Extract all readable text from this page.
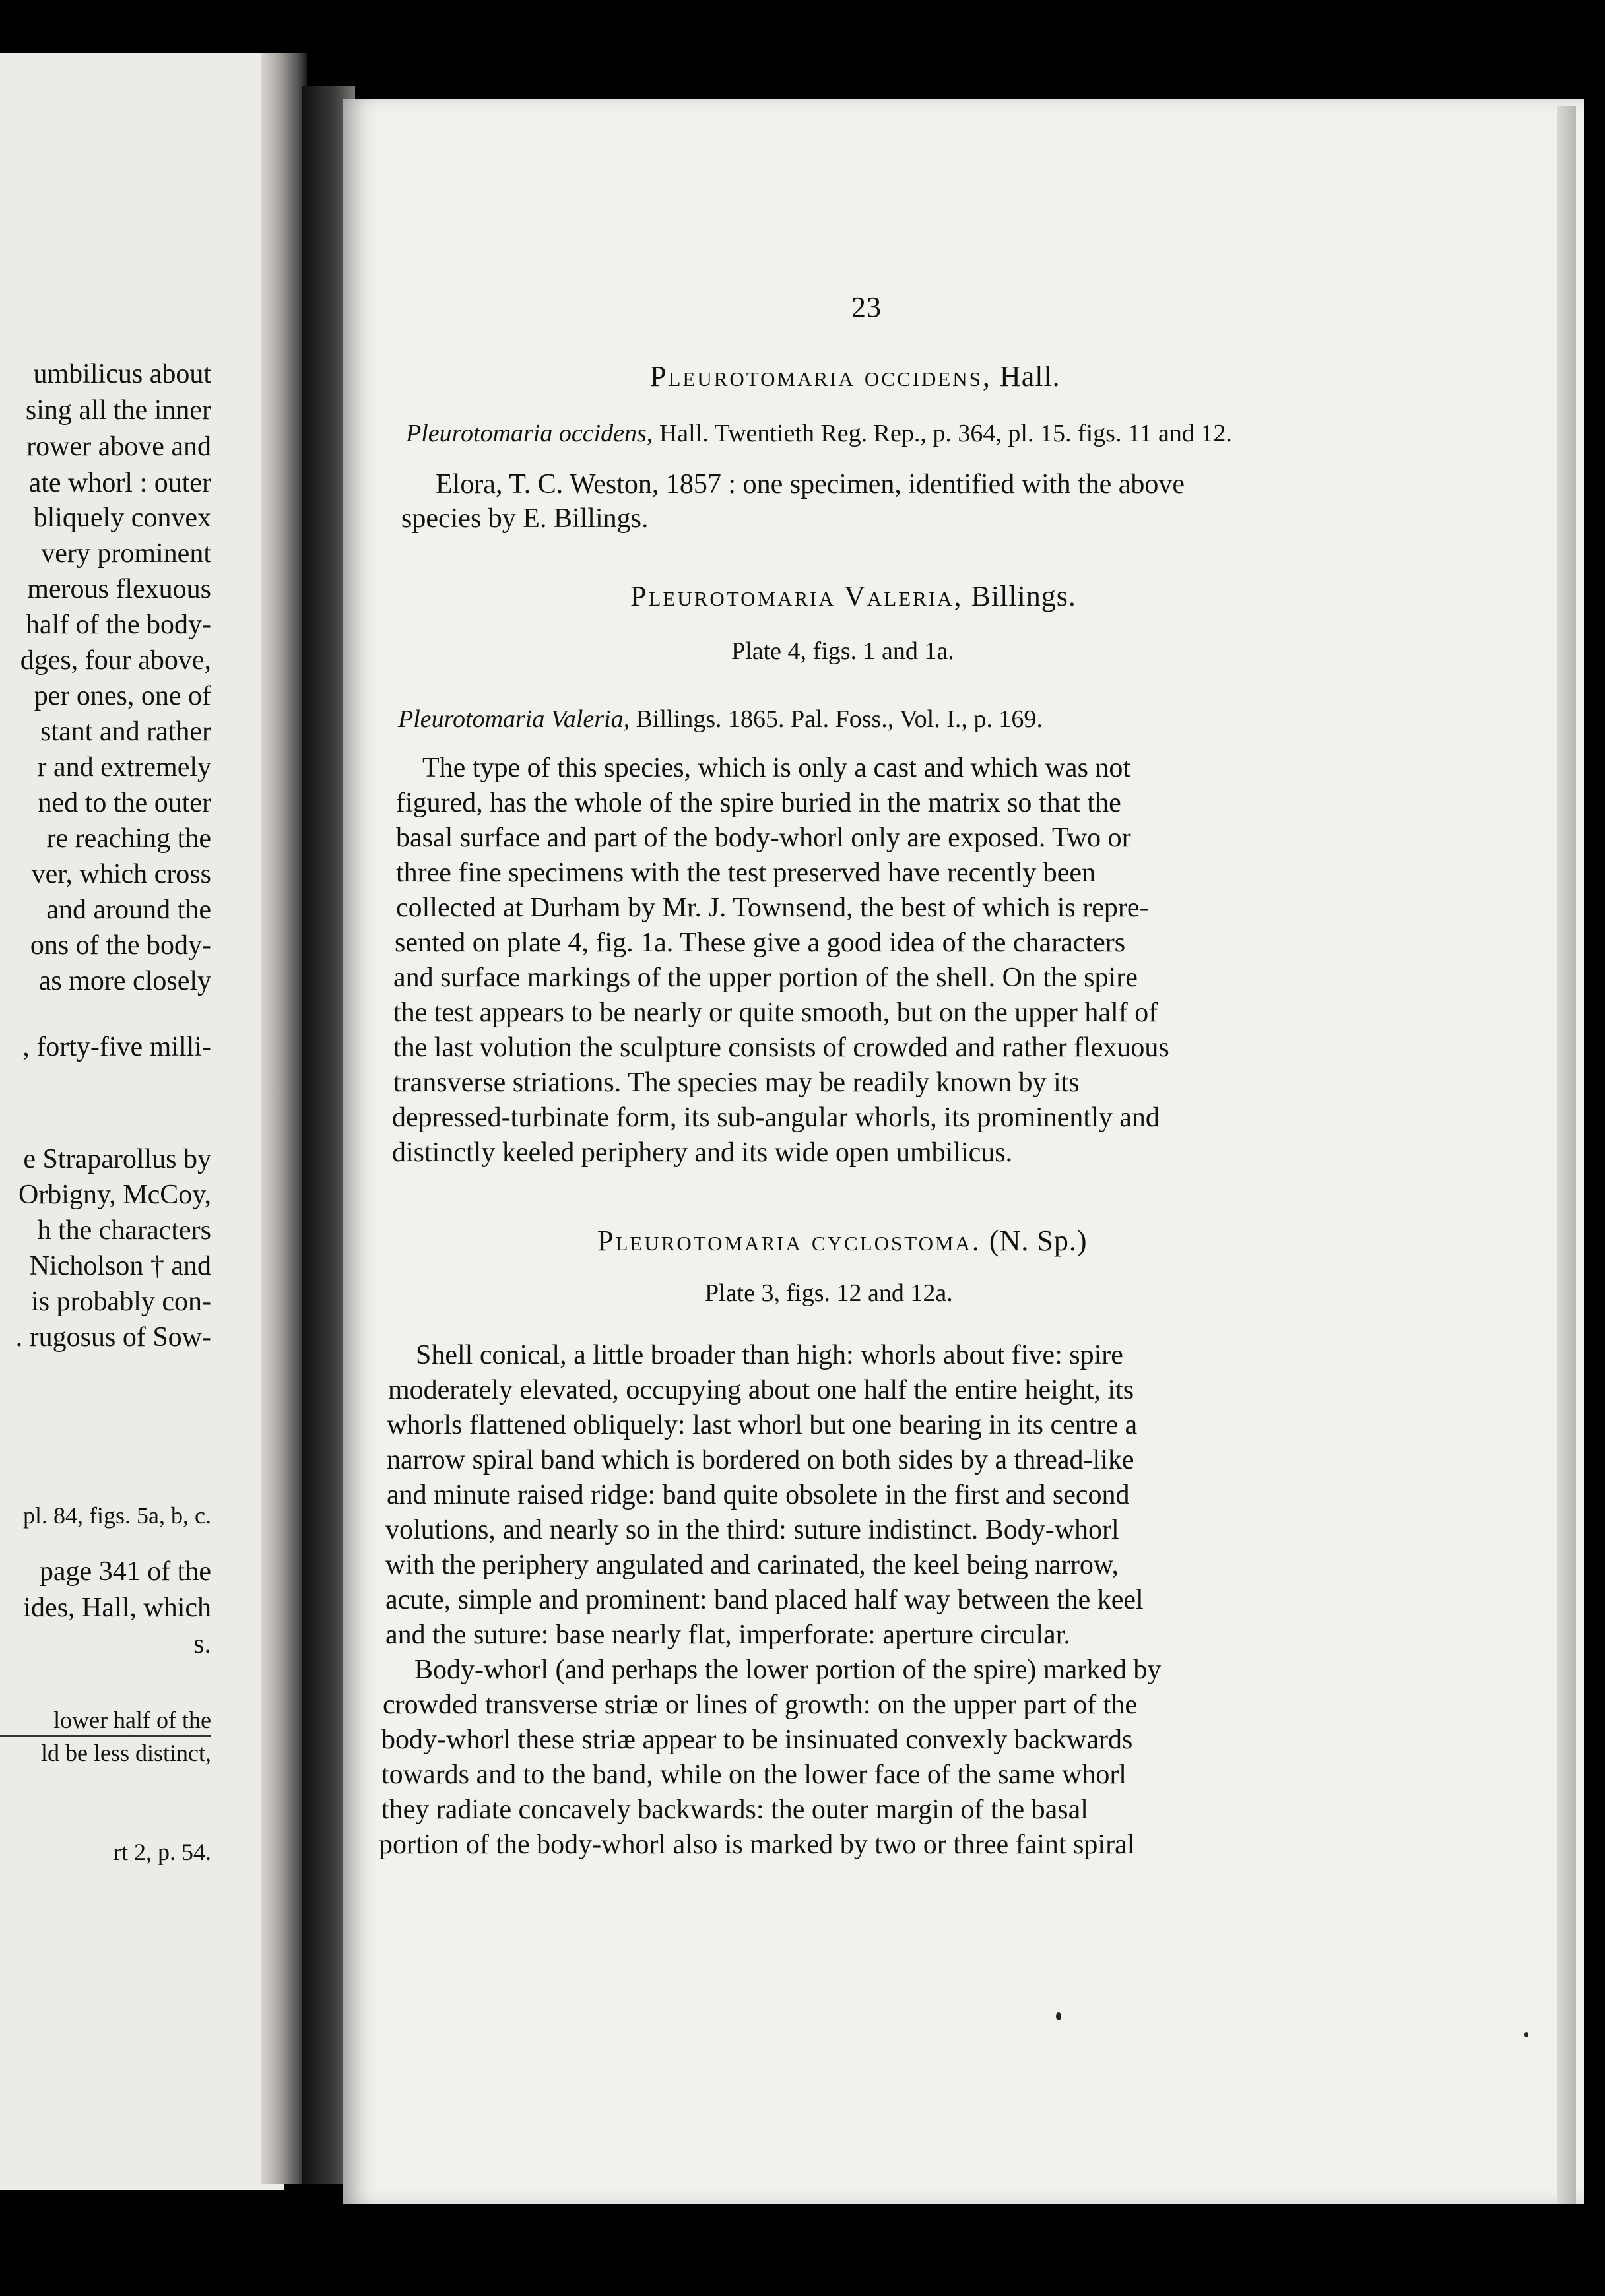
umbilicus about
sing all the inner
rower above and
ate whorl : outer
bliquely convex
very prominent
merous flexuous
half of the body-
dges, four above,
per ones, one of
stant and rather
r and extremely
ned to the outer
re reaching the
ver, which cross
and around the
ons of the body-
as more closely
, forty-five milli-
e Straparollus by
Orbigny, McCoy,
h the characters
Nicholson † and
is probably con-
. rugosus of Sow-
pl. 84, figs. 5a, b, c.
page 341 of the
ides, Hall, which
s.
lower half of the
ld be less distinct,
rt 2, p. 54.
23
Pleurotomaria occidens, Hall.
Pleurotomaria occidens, Hall. Twentieth Reg. Rep., p. 364, pl. 15. figs. 11 and 12.
Elora, T. C. Weston, 1857 : one specimen, identified with the above
species by E. Billings.
Pleurotomaria Valeria, Billings.
Plate 4, figs. 1 and 1a.
Pleurotomaria Valeria, Billings. 1865. Pal. Foss., Vol. I., p. 169.
The type of this species, which is only a cast and which was not
figured, has the whole of the spire buried in the matrix so that the
basal surface and part of the body-whorl only are exposed. Two or
three fine specimens with the test preserved have recently been
collected at Durham by Mr. J. Townsend, the best of which is repre-
sented on plate 4, fig. 1a. These give a good idea of the characters
and surface markings of the upper portion of the shell. On the spire
the test appears to be nearly or quite smooth, but on the upper half of
the last volution the sculpture consists of crowded and rather flexuous
transverse striations. The species may be readily known by its
depressed-turbinate form, its sub-angular whorls, its prominently and
distinctly keeled periphery and its wide open umbilicus.
Pleurotomaria cyclostoma. (N. Sp.)
Plate 3, figs. 12 and 12a.
Shell conical, a little broader than high: whorls about five: spire
moderately elevated, occupying about one half the entire height, its
whorls flattened obliquely: last whorl but one bearing in its centre a
narrow spiral band which is bordered on both sides by a thread-like
and minute raised ridge: band quite obsolete in the first and second
volutions, and nearly so in the third: suture indistinct. Body-whorl
with the periphery angulated and carinated, the keel being narrow,
acute, simple and prominent: band placed half way between the keel
and the suture: base nearly flat, imperforate: aperture circular.
Body-whorl (and perhaps the lower portion of the spire) marked by
crowded transverse striæ or lines of growth: on the upper part of the
body-whorl these striæ appear to be insinuated convexly backwards
towards and to the band, while on the lower face of the same whorl
they radiate concavely backwards: the outer margin of the basal
portion of the body-whorl also is marked by two or three faint spiral
